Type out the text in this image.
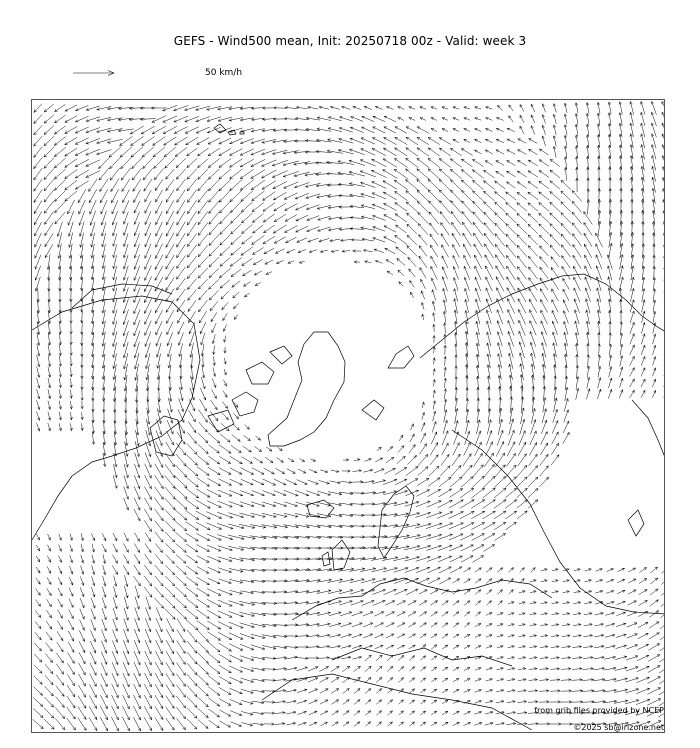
GEFS - Wind500 mean, Init: 20250718 00z - Valid: week 3
50 km/h
from grib files provided by NCEP
©2025 sb@irizone.net
